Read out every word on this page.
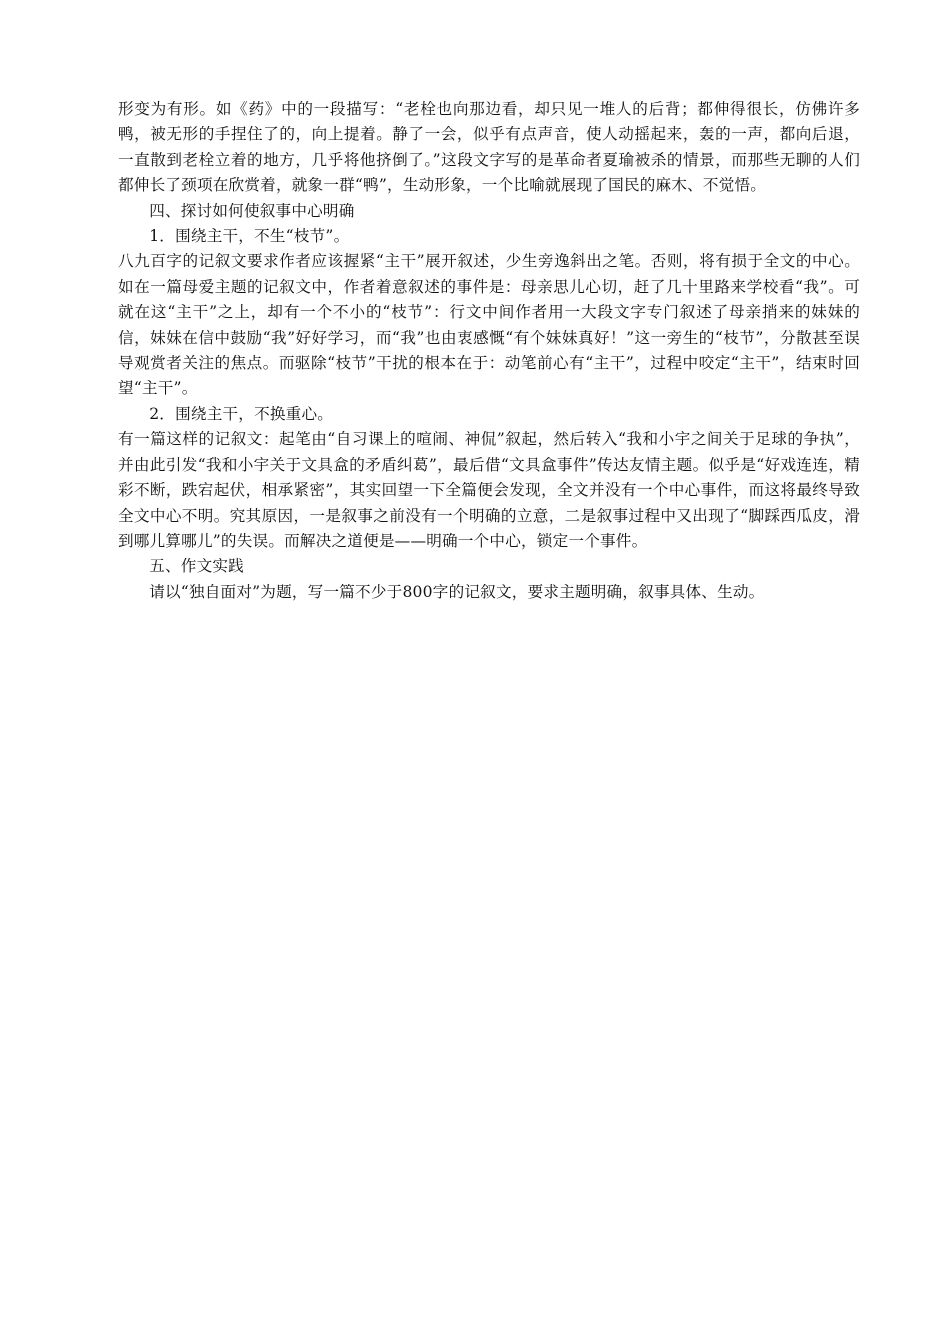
形变为有形。如《药》中的一段描写：“老栓也向那边看，却只见一堆人的后背；都伸得很长，仿佛许多鸭，被无形的手捏住了的，向上提着。静了一会，似乎有点声音，使人动摇起来，轰的一声，都向后退，一直散到老栓立着的地方，几乎将他挤倒了。”这段文字写的是革命者夏瑜被杀的情景，而那些无聊的人们都伸长了颈项在欣赏着，就象一群“鸭”，生动形象，一个比喻就展现了国民的麻木、不觉悟。

四、探讨如何使叙事中心明确

1．围绕主干，不生“枝节”。

八九百字的记叙文要求作者应该握紧“主干”展开叙述，少生旁逸斜出之笔。否则，将有损于全文的中心。如在一篇母爱主题的记叙文中，作者着意叙述的事件是：母亲思儿心切，赶了几十里路来学校看“我”。可就在这“主干”之上，却有一个不小的“枝节”：行文中间作者用一大段文字专门叙述了母亲捎来的妹妹的信，妹妹在信中鼓励“我”好好学习，而“我”也由衷感慨“有个妹妹真好！”这一旁生的“枝节”，分散甚至误导观赏者关注的焦点。而驱除“枝节”干扰的根本在于：动笔前心有“主干”，过程中咬定“主干”，结束时回望“主干”。

2．围绕主干，不换重心。

有一篇这样的记叙文：起笔由“自习课上的喧闹、神侃”叙起，然后转入“我和小宇之间关于足球的争执”，并由此引发“我和小宇关于文具盒的矛盾纠葛”，最后借“文具盒事件”传达友情主题。似乎是“好戏连连，精彩不断，跌宕起伏，相承紧密”，其实回望一下全篇便会发现，全文并没有一个中心事件，而这将最终导致全文中心不明。究其原因，一是叙事之前没有一个明确的立意，二是叙事过程中又出现了“脚踩西瓜皮，滑到哪儿算哪儿”的失误。而解决之道便是——明确一个中心，锁定一个事件。

五、作文实践

请以“独自面对”为题，写一篇不少于800字的记叙文，要求主题明确，叙事具体、生动。
